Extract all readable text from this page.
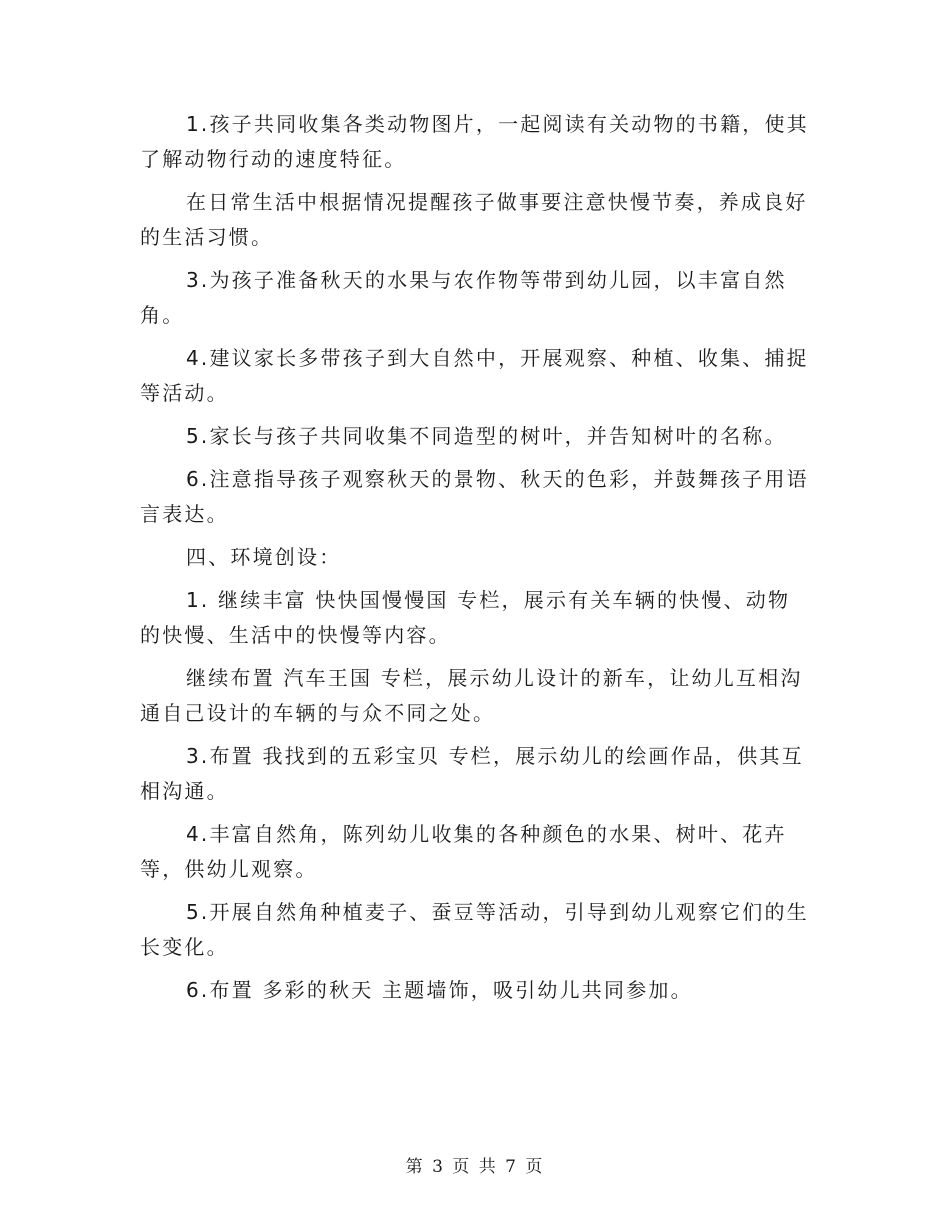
1.孩子共同收集各类动物图片，一起阅读有关动物的书籍，使其了解动物行动的速度特征。

在日常生活中根据情况提醒孩子做事要注意快慢节奏，养成良好的生活习惯。

3.为孩子准备秋天的水果与农作物等带到幼儿园，以丰富自然角。

4.建议家长多带孩子到大自然中，开展观察、种植、收集、捕捉等活动。

5.家长与孩子共同收集不同造型的树叶，并告知树叶的名称。

6.注意指导孩子观察秋天的景物、秋天的色彩，并鼓舞孩子用语言表达。

四、环境创设：

1. 继续丰富 快快国慢慢国 专栏，展示有关车辆的快慢、动物的快慢、生活中的快慢等内容。

继续布置 汽车王国 专栏，展示幼儿设计的新车，让幼儿互相沟通自己设计的车辆的与众不同之处。

3.布置 我找到的五彩宝贝 专栏，展示幼儿的绘画作品，供其互相沟通。

4.丰富自然角，陈列幼儿收集的各种颜色的水果、树叶、花卉等，供幼儿观察。

5.开展自然角种植麦子、蚕豆等活动，引导到幼儿观察它们的生长变化。

6.布置 多彩的秋天 主题墙饰，吸引幼儿共同参加。

第 3 页 共 7 页
